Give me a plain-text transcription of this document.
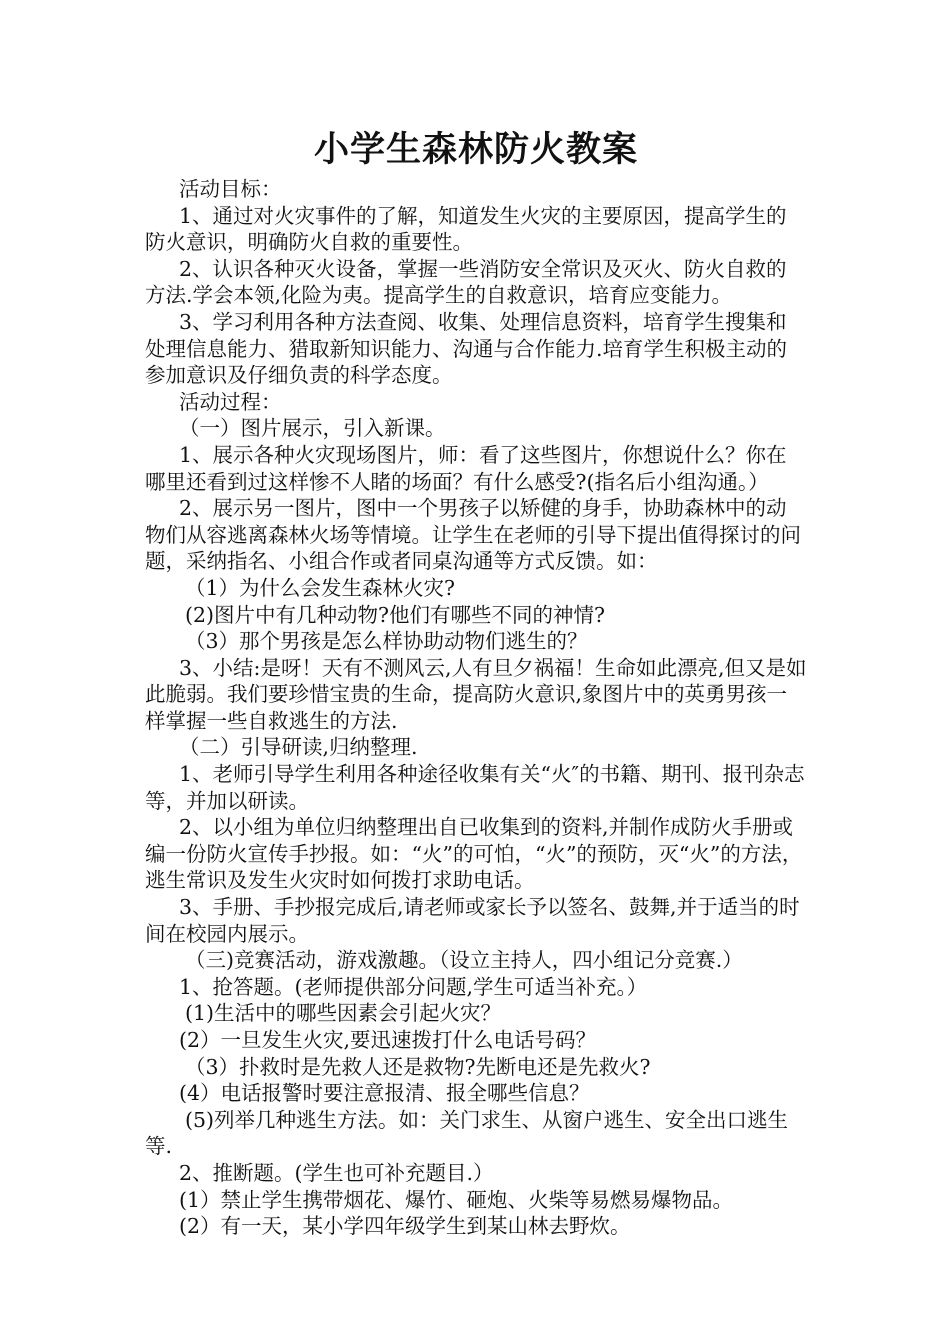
小学生森林防火教案

活动目标：

1、通过对火灾事件的了解，知道发生火灾的主要原因，提高学生的防火意识，明确防火自救的重要性。

2、认识各种灭火设备，掌握一些消防安全常识及灭火、防火自救的方法.学会本领,化险为夷。提高学生的自救意识，培育应变能力。

3、学习利用各种方法查阅、收集、处理信息资料，培育学生搜集和处理信息能力、猎取新知识能力、沟通与合作能力.培育学生积极主动的参加意识及仔细负责的科学态度。

活动过程：

（一）图片展示，引入新课。

1、展示各种火灾现场图片，师：看了这些图片，你想说什么？你在哪里还看到过这样惨不人睹的场面？有什么感受?(指名后小组沟通。）

2、展示另一图片，图中一个男孩子以矫健的身手，协助森林中的动物们从容逃离森林火场等情境。让学生在老师的引导下提出值得探讨的问题，采纳指名、小组合作或者同桌沟通等方式反馈。如：

（1）为什么会发生森林火灾?

(2)图片中有几种动物?他们有哪些不同的神情?

（3）那个男孩是怎么样协助动物们逃生的？

3、小结:是呀！天有不测风云,人有旦夕祸福！生命如此漂亮,但又是如此脆弱。我们要珍惜宝贵的生命，提高防火意识,象图片中的英勇男孩一样掌握一些自救逃生的方法.

（二）引导研读,归纳整理.

1、老师引导学生利用各种途径收集有关“火″的书籍、期刊、报刊杂志等，并加以研读。

2、以小组为单位归纳整理出自已收集到的资料,并制作成防火手册或编一份防火宣传手抄报。如：“火”的可怕，“火”的预防，灭“火”的方法，逃生常识及发生火灾时如何拨打求助电话。

3、手册、手抄报完成后,请老师或家长予以签名、鼓舞,并于适当的时间在校园内展示。

（三)竞赛活动，游戏激趣。（设立主持人，四小组记分竞赛.）

1、抢答题。(老师提供部分问题,学生可适当补充。）

(1)生活中的哪些因素会引起火灾？

(2）一旦发生火灾,要迅速拨打什么电话号码？

（3）扑救时是先救人还是救物?先断电还是先救火?

(4）电话报警时要注意报清、报全哪些信息？

(5)列举几种逃生方法。如：关门求生、从窗户逃生、安全出口逃生等.

2、推断题。(学生也可补充题目.）

(1）禁止学生携带烟花、爆竹、砸炮、火柴等易燃易爆物品。

(2）有一天，某小学四年级学生到某山林去野炊。
